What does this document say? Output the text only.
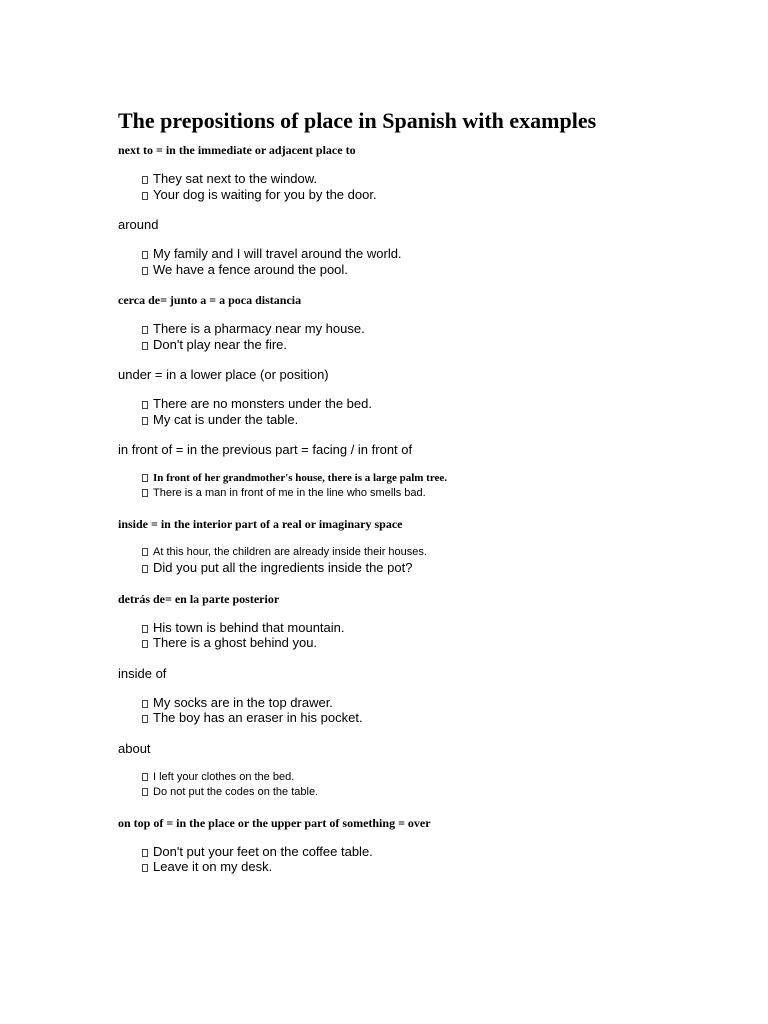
The prepositions of place in Spanish with examples
next to = in the immediate or adjacent place to
They sat next to the window.
Your dog is waiting for you by the door.
around
My family and I will travel around the world.
We have a fence around the pool.
cerca de= junto a = a poca distancia
There is a pharmacy near my house.
Don't play near the fire.
under = in a lower place (or position)
There are no monsters under the bed.
My cat is under the table.
in front of = in the previous part = facing / in front of
In front of her grandmother's house, there is a large palm tree.
There is a man in front of me in the line who smells bad.
inside = in the interior part of a real or imaginary space
At this hour, the children are already inside their houses.
Did you put all the ingredients inside the pot?
detrás de= en la parte posterior
His town is behind that mountain.
There is a ghost behind you.
inside of
My socks are in the top drawer.
The boy has an eraser in his pocket.
about
I left your clothes on the bed.
Do not put the codes on the table.
on top of = in the place or the upper part of something = over
Don't put your feet on the coffee table.
Leave it on my desk.
